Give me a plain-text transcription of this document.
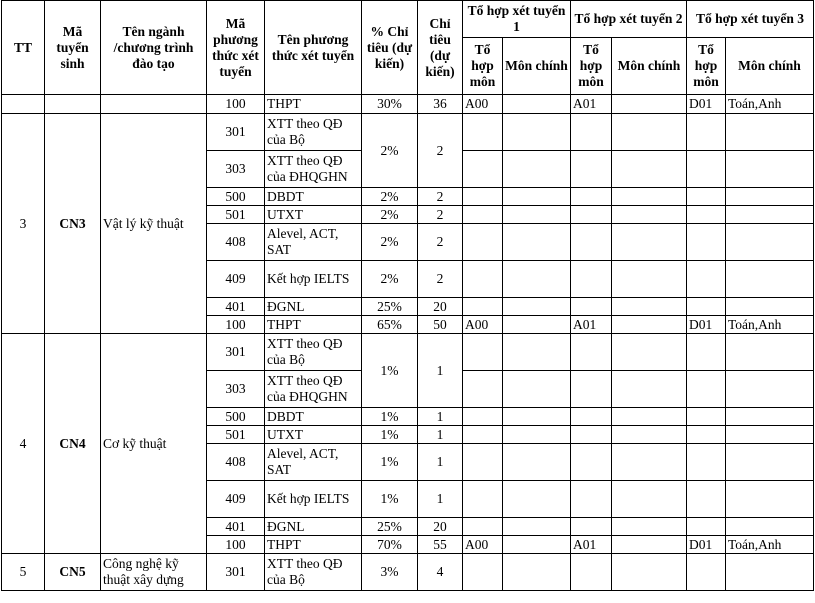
TT	Mã tuyển sinh	Tên ngành /chương trình đào tạo	Mã phương thức xét tuyển	Tên phương thức xét tuyển	% Chỉ tiêu (dự kiến)	Chỉ tiêu (dự kiến)	Tổ hợp xét tuyển 1		Tổ hợp xét tuyển 2		Tổ hợp xét tuyển 3	
							Tổ hợp môn	Môn chính	Tổ hợp môn	Môn chính	Tổ hợp môn	Môn chính
			100	THPT	30%	36	A00		A01		D01	Toán,Anh
3	CN3	Vật lý kỹ thuật	301	XTT theo QĐ của Bộ	2%	2						
			303	XTT theo QĐ của ĐHQGHN								
			500	DBDT	2%	2						
			501	UTXT	2%	2						
			408	Alevel, ACT, SAT	2%	2						
			409	Kết hợp IELTS	2%	2						
			401	ĐGNL	25%	20						
			100	THPT	65%	50	A00		A01		D01	Toán,Anh
4	CN4	Cơ kỹ thuật	301	XTT theo QĐ của Bộ	1%	1						
			303	XTT theo QĐ của ĐHQGHN								
			500	DBDT	1%	1						
			501	UTXT	1%	1						
			408	Alevel, ACT, SAT	1%	1						
			409	Kết hợp IELTS	1%	1						
			401	ĐGNL	25%	20						
			100	THPT	70%	55	A00		A01		D01	Toán,Anh
5	CN5	Công nghệ kỹ thuật xây dựng	301	XTT theo QĐ của Bộ	3%	4						
